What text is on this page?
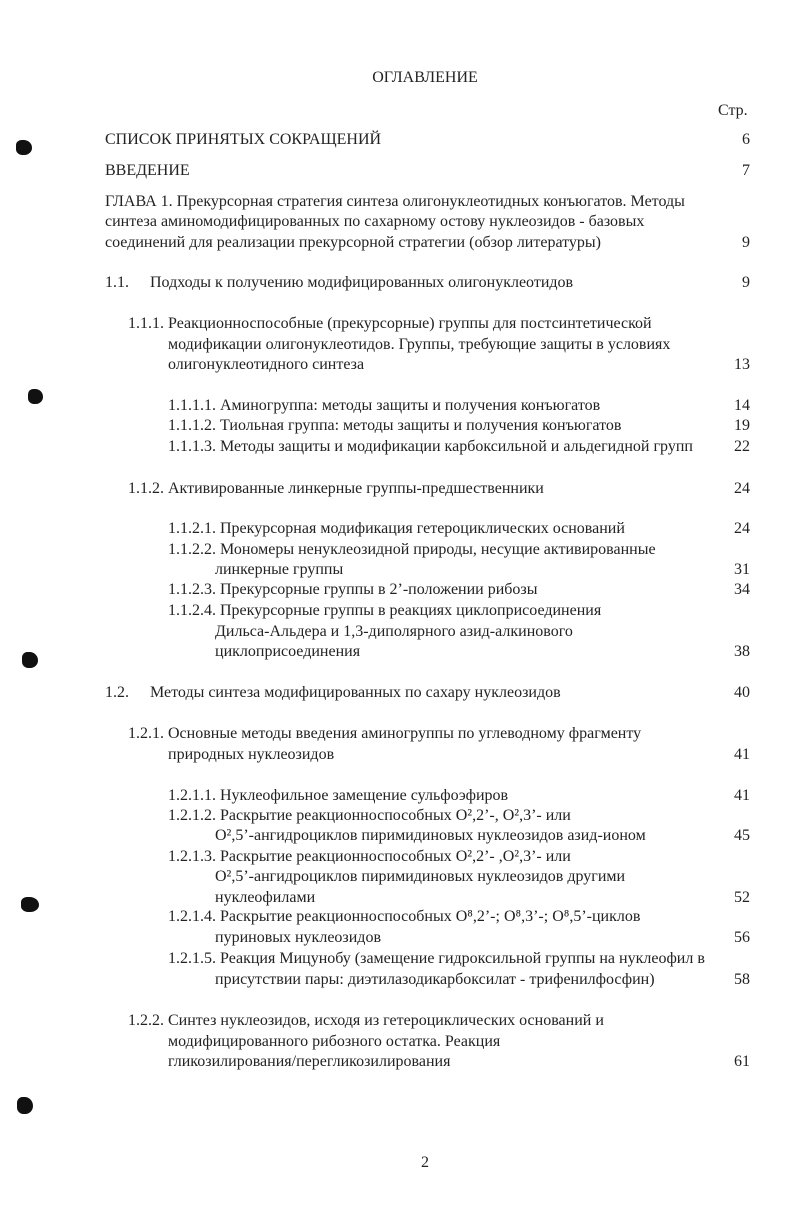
ОГЛАВЛЕНИЕ
Стр.
СПИСОК ПРИНЯТЫХ СОКРАЩЕНИЙ	6
ВВЕДЕНИЕ	7
ГЛАВА 1. Прекурсорная стратегия синтеза олигонуклеотидных конъюгатов. Методы
синтеза аминомодифицированных по сахарному остову нуклеозидов - базовых
соединений для реализации прекурсорной стратегии (обзор литературы)	9
1.1. Подходы к получению модифицированных олигонуклеотидов	9
1.1.1. Реакционноспособные (прекурсорные) группы для постсинтетической
модификации олигонуклеотидов. Группы, требующие защиты в условиях
олигонуклеотидного синтеза	13
1.1.1.1. Аминогруппа: методы защиты и получения конъюгатов	14
1.1.1.2. Тиольная группа: методы защиты и получения конъюгатов	19
1.1.1.3. Методы защиты и модификации карбоксильной и альдегидной групп	22
1.1.2. Активированные линкерные группы-предшественники	24
1.1.2.1. Прекурсорная модификация гетероциклических оснований	24
1.1.2.2. Мономеры ненуклеозидной природы, несущие активированные
линкерные группы	31
1.1.2.3. Прекурсорные группы в 2’-положении рибозы	34
1.1.2.4. Прекурсорные группы в реакциях циклоприсоединения
Дильса-Альдера и 1,3-диполярного азид-алкинового
циклоприсоединения	38
1.2. Методы синтеза модифицированных по сахару нуклеозидов	40
1.2.1. Основные методы введения аминогруппы по углеводному фрагменту
природных нуклеозидов	41
1.2.1.1. Нуклеофильное замещение сульфоэфиров	41
1.2.1.2. Раскрытие реакционноспособных O²,2’-, O²,3’- или
O²,5’-ангидроциклов пиримидиновых нуклеозидов азид-ионом	45
1.2.1.3. Раскрытие реакционноспособных O²,2’- ,O²,3’- или
O²,5’-ангидроциклов пиримидиновых нуклеозидов другими
нуклеофилами	52
1.2.1.4. Раскрытие реакционноспособных O⁸,2’-; O⁸,3’-; O⁸,5’-циклов
пуриновых нуклеозидов	56
1.2.1.5. Реакция Мицунобу (замещение гидроксильной группы на нуклеофил в
присутствии пары: диэтилазодикарбоксилат - трифенилфосфин)	58
1.2.2. Синтез нуклеозидов, исходя из гетероциклических оснований и
модифицированного рибозного остатка. Реакция
гликозилирования/перегликозилирования	61
2
